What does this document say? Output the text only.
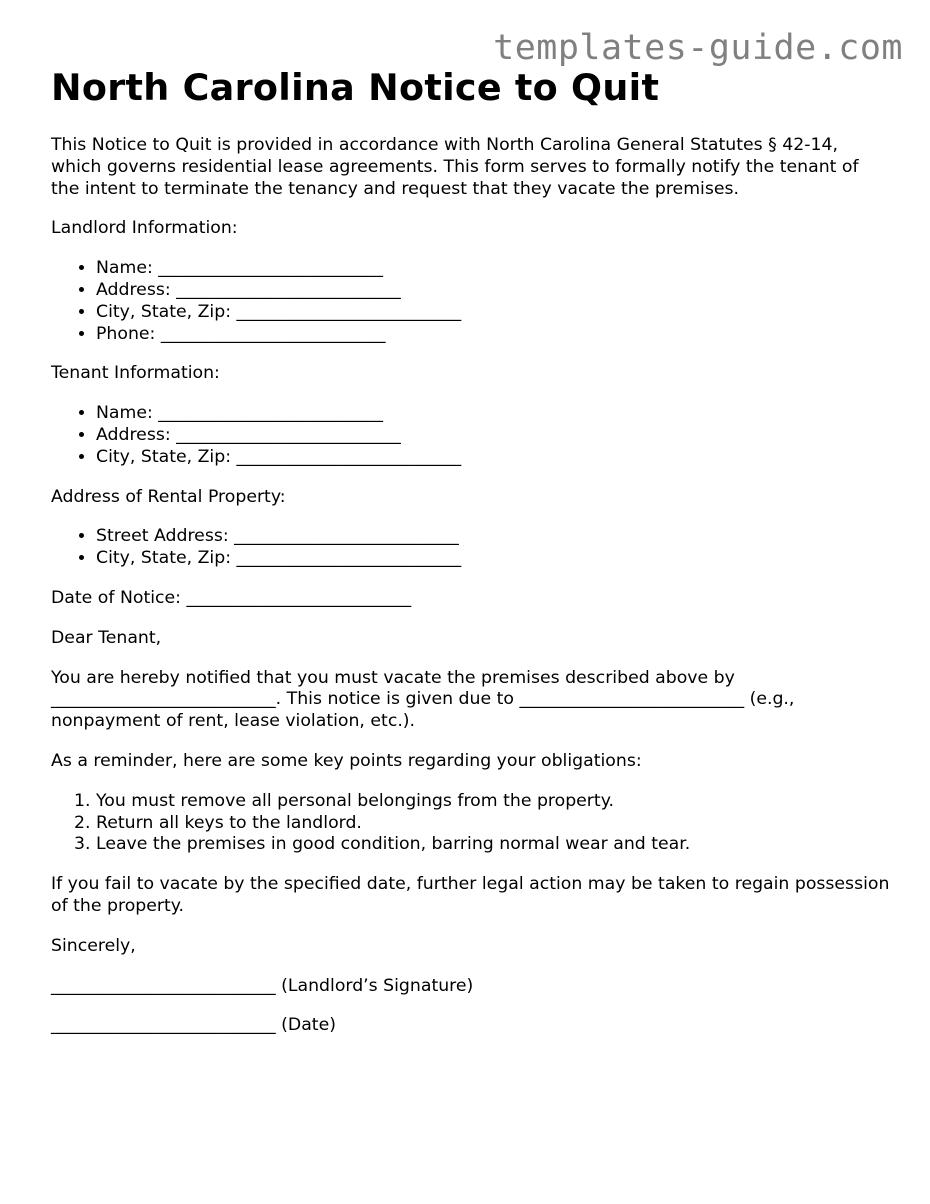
templates-guide.com
North Carolina Notice to Quit

This Notice to Quit is provided in accordance with North Carolina General Statutes § 42-14, which governs residential lease agreements. This form serves to formally notify the tenant of the intent to terminate the tenancy and request that they vacate the premises.

Landlord Information:

• Name: __________________________
• Address: __________________________
• City, State, Zip: __________________________
• Phone: __________________________

Tenant Information:

• Name: __________________________
• Address: __________________________
• City, State, Zip: __________________________

Address of Rental Property:

• Street Address: __________________________
• City, State, Zip: __________________________

Date of Notice: __________________________

Dear Tenant,

You are hereby notified that you must vacate the premises described above by __________________________. This notice is given due to __________________________ (e.g., nonpayment of rent, lease violation, etc.).

As a reminder, here are some key points regarding your obligations:

1. You must remove all personal belongings from the property.
2. Return all keys to the landlord.
3. Leave the premises in good condition, barring normal wear and tear.

If you fail to vacate by the specified date, further legal action may be taken to regain possession of the property.

Sincerely,

__________________________ (Landlord’s Signature)

__________________________ (Date)
